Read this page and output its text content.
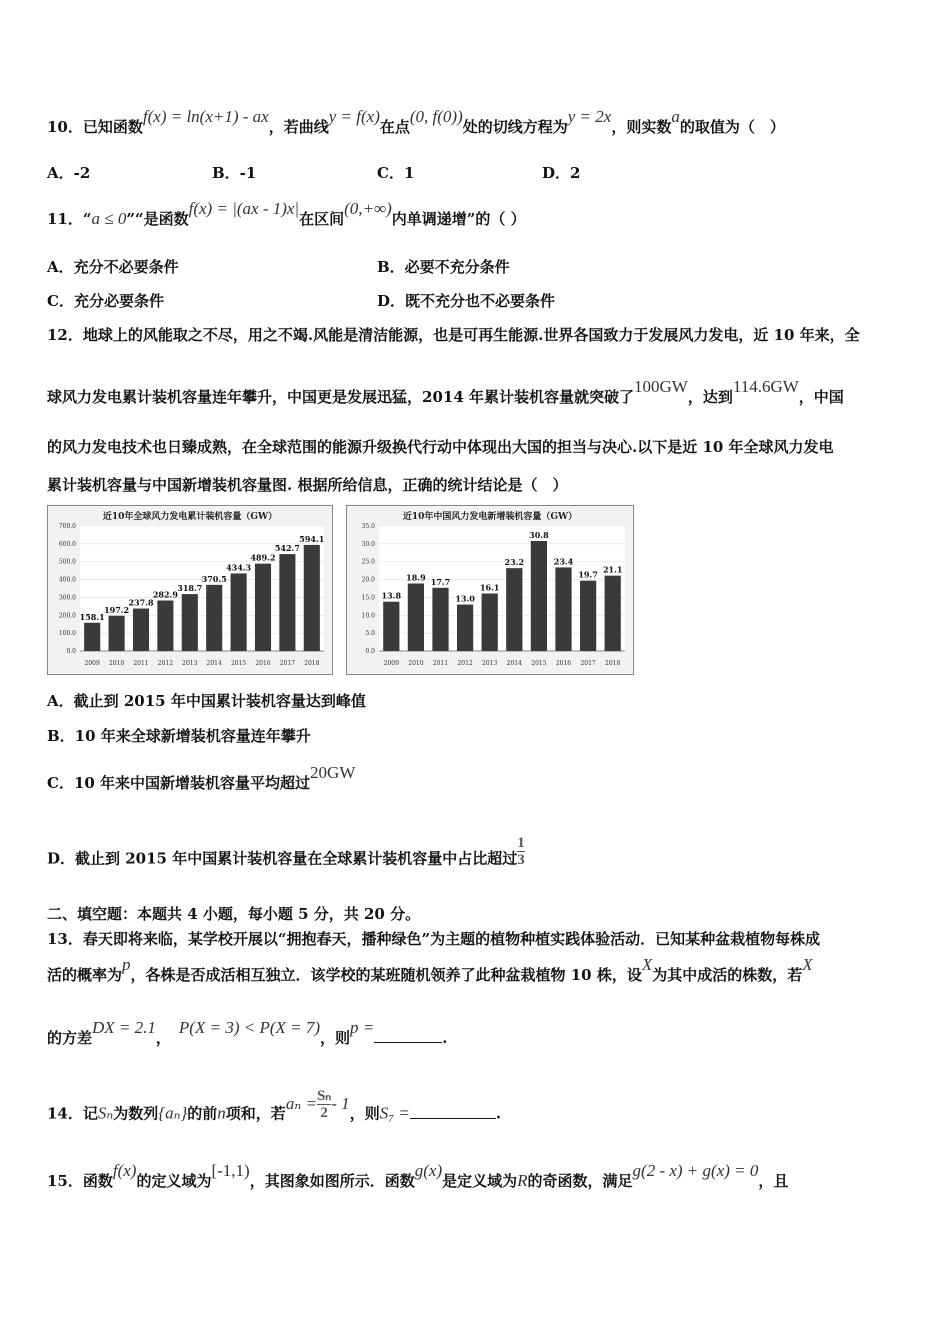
10．已知函数f(x) = ln(x+1) - ax，若曲线y = f(x)在点(0, f(0))处的切线方程为y = 2x，则实数a的取值为（　）
A．-2	B．-1	C．1	D．2
11．“a ≤ 0”“是函数f(x) = |(ax - 1)x|在区间(0,+∞)内单调递增”的（ ）
A．充分不必要条件	B．必要不充分条件
C．充分必要条件	D．既不充分也不必要条件
12．地球上的风能取之不尽，用之不竭.风能是清洁能源，也是可再生能源.世界各国致力于发展风力发电，近 10 年来，全
球风力发电累计装机容量连年攀升，中国更是发展迅猛，2014 年累计装机容量就突破了100GW，达到114.6GW，中国
的风力发电技术也日臻成熟，在全球范围的能源升级换代行动中体现出大国的担当与决心.以下是近 10 年全球风力发电
累计装机容量与中国新增装机容量图. 根据所给信息，正确的统计结论是（　）
近10年全球风力发电累计装机容量（GW）
700.0
600.0
500.0
400.0
300.0
200.0
100.0
0.0
158.1
2009
197.2
2010
237.8
2011
282.9
2012
318.7
2013
370.5
2014
434.3
2015
489.2
2016
542.7
2017
594.1
2018
近10年中国风力发电新增装机容量（GW）
35.0
30.0
25.0
20.0
15.0
10.0
5.0
0.0
13.8
2009
18.9
2010
17.7
2011
13.0
2012
16.1
2013
23.2
2014
30.8
2015
23.4
2016
19.7
2017
21.1
2018
A．截止到 2015 年中国累计装机容量达到峰值
B．10 年来全球新增装机容量连年攀升
C．10 年来中国新增装机容量平均超过20GW
D．截止到 2015 年中国累计装机容量在全球累计装机容量中占比超过 $\frac{1}{3}$
二、填空题：本题共 4 小题，每小题 5 分，共 20 分。
13．春天即将来临，某学校开展以“拥抱春天，播种绿色”为主题的植物种植实践体验活动．已知某种盆栽植物每株成
活的概率为p，各株是否成活相互独立．该学校的某班随机领养了此种盆栽植物 10 株，设X为其中成活的株数，若X
的方差DX = 2.1，P(X = 3) < P(X = 7)，则p =.
14．记Sₙ为数列{aₙ}的前n项和，若$a_n = \frac{\text{Sₙ}}{2} - 1$，则S₇ =	.
15．函数f(x)的定义域为[-1,1)，其图象如图所示．函数g(x)是定义域为R的奇函数，满足g(2 - x) + g(x) = 0，且
